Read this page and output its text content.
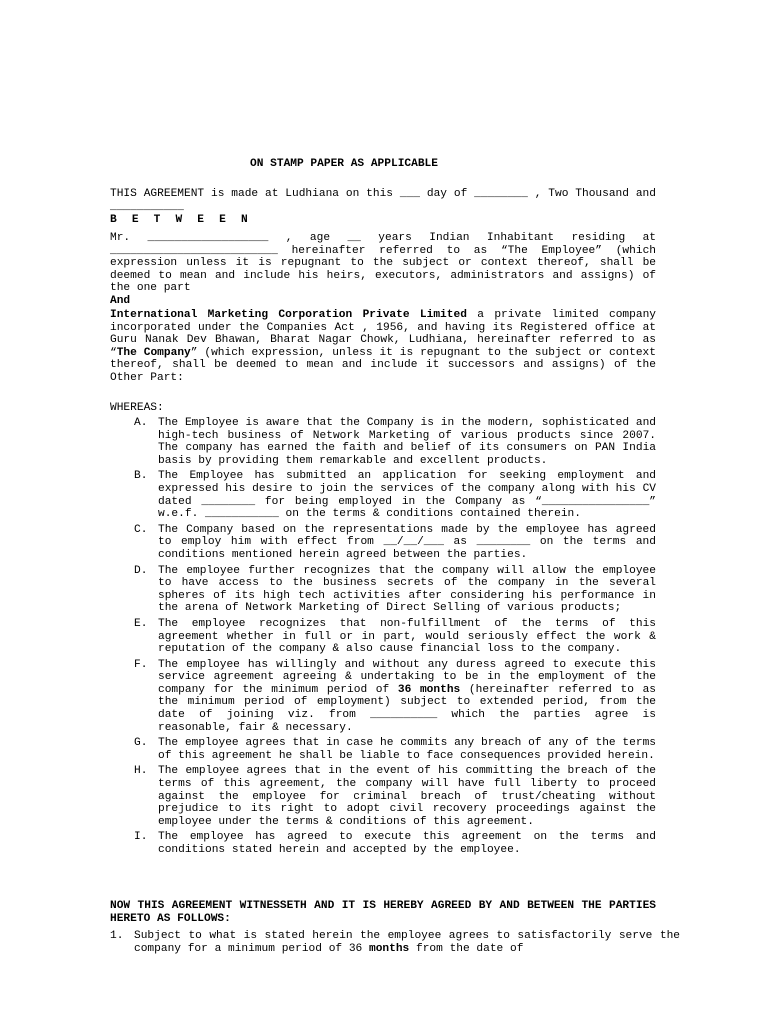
ON STAMP PAPER AS APPLICABLE

THIS AGREEMENT is made at Ludhiana on this ___ day of ________ , Two Thousand and ___________

B E T W E E N

Mr. __________________ , age __ years Indian Inhabitant residing at _________________________ hereinafter referred to as “The Employee” (which expression unless it is repugnant to the subject or context thereof, shall be deemed to mean and include his heirs, executors, administrators and assigns) of the one part

And

International Marketing Corporation Private Limited a private limited company incorporated under the Companies Act , 1956, and having its Registered office at Guru Nanak Dev Bhawan, Bharat Nagar Chowk, Ludhiana, hereinafter referred to as “The Company” (which expression, unless it is repugnant to the subject or context thereof, shall be deemed to mean and include it successors and assigns) of the Other Part:

WHEREAS:

A. The Employee is aware that the Company is in the modern, sophisticated and high-tech business of Network Marketing of various products since 2007. The company has earned the faith and belief of its consumers on PAN India basis by providing them remarkable and excellent products.
B. The Employee has submitted an application for seeking employment and expressed his desire to join the services of the company along with his CV dated ________ for being employed in the Company as “________________” w.e.f. ___________ on the terms & conditions contained therein.
C. The Company based on the representations made by the employee has agreed to employ him with effect from __/__/___ as ________ on the terms and conditions mentioned herein agreed between the parties.
D. The employee further recognizes that the company will allow the employee to have access to the business secrets of the company in the several spheres of its high tech activities after considering his performance in the arena of Network Marketing of Direct Selling of various products;
E. The employee recognizes that non-fulfillment of the terms of this agreement whether in full or in part, would seriously effect the work & reputation of the company & also cause financial loss to the company.
F. The employee has willingly and without any duress agreed to execute this service agreement agreeing & undertaking to be in the employment of the company for the minimum period of 36 months (hereinafter referred to as the minimum period of employment) subject to extended period, from the date of joining viz. from __________ which the parties agree is reasonable, fair & necessary.
G. The employee agrees that in case he commits any breach of any of the terms of this agreement he shall be liable to face consequences provided herein.
H. The employee agrees that in the event of his committing the breach of the terms of this agreement, the company will have full liberty to proceed against the employee for criminal breach of trust/cheating without prejudice to its right to adopt civil recovery proceedings against the employee under the terms & conditions of this agreement.
I. The employee has agreed to execute this agreement on the terms and conditions stated herein and accepted by the employee.

NOW THIS AGREEMENT WITNESSETH AND IT IS HEREBY AGREED BY AND BETWEEN THE PARTIES HERETO AS FOLLOWS:

1. Subject to what is stated herein the employee agrees to satisfactorily serve the company for a minimum period of 36 months from the date of
